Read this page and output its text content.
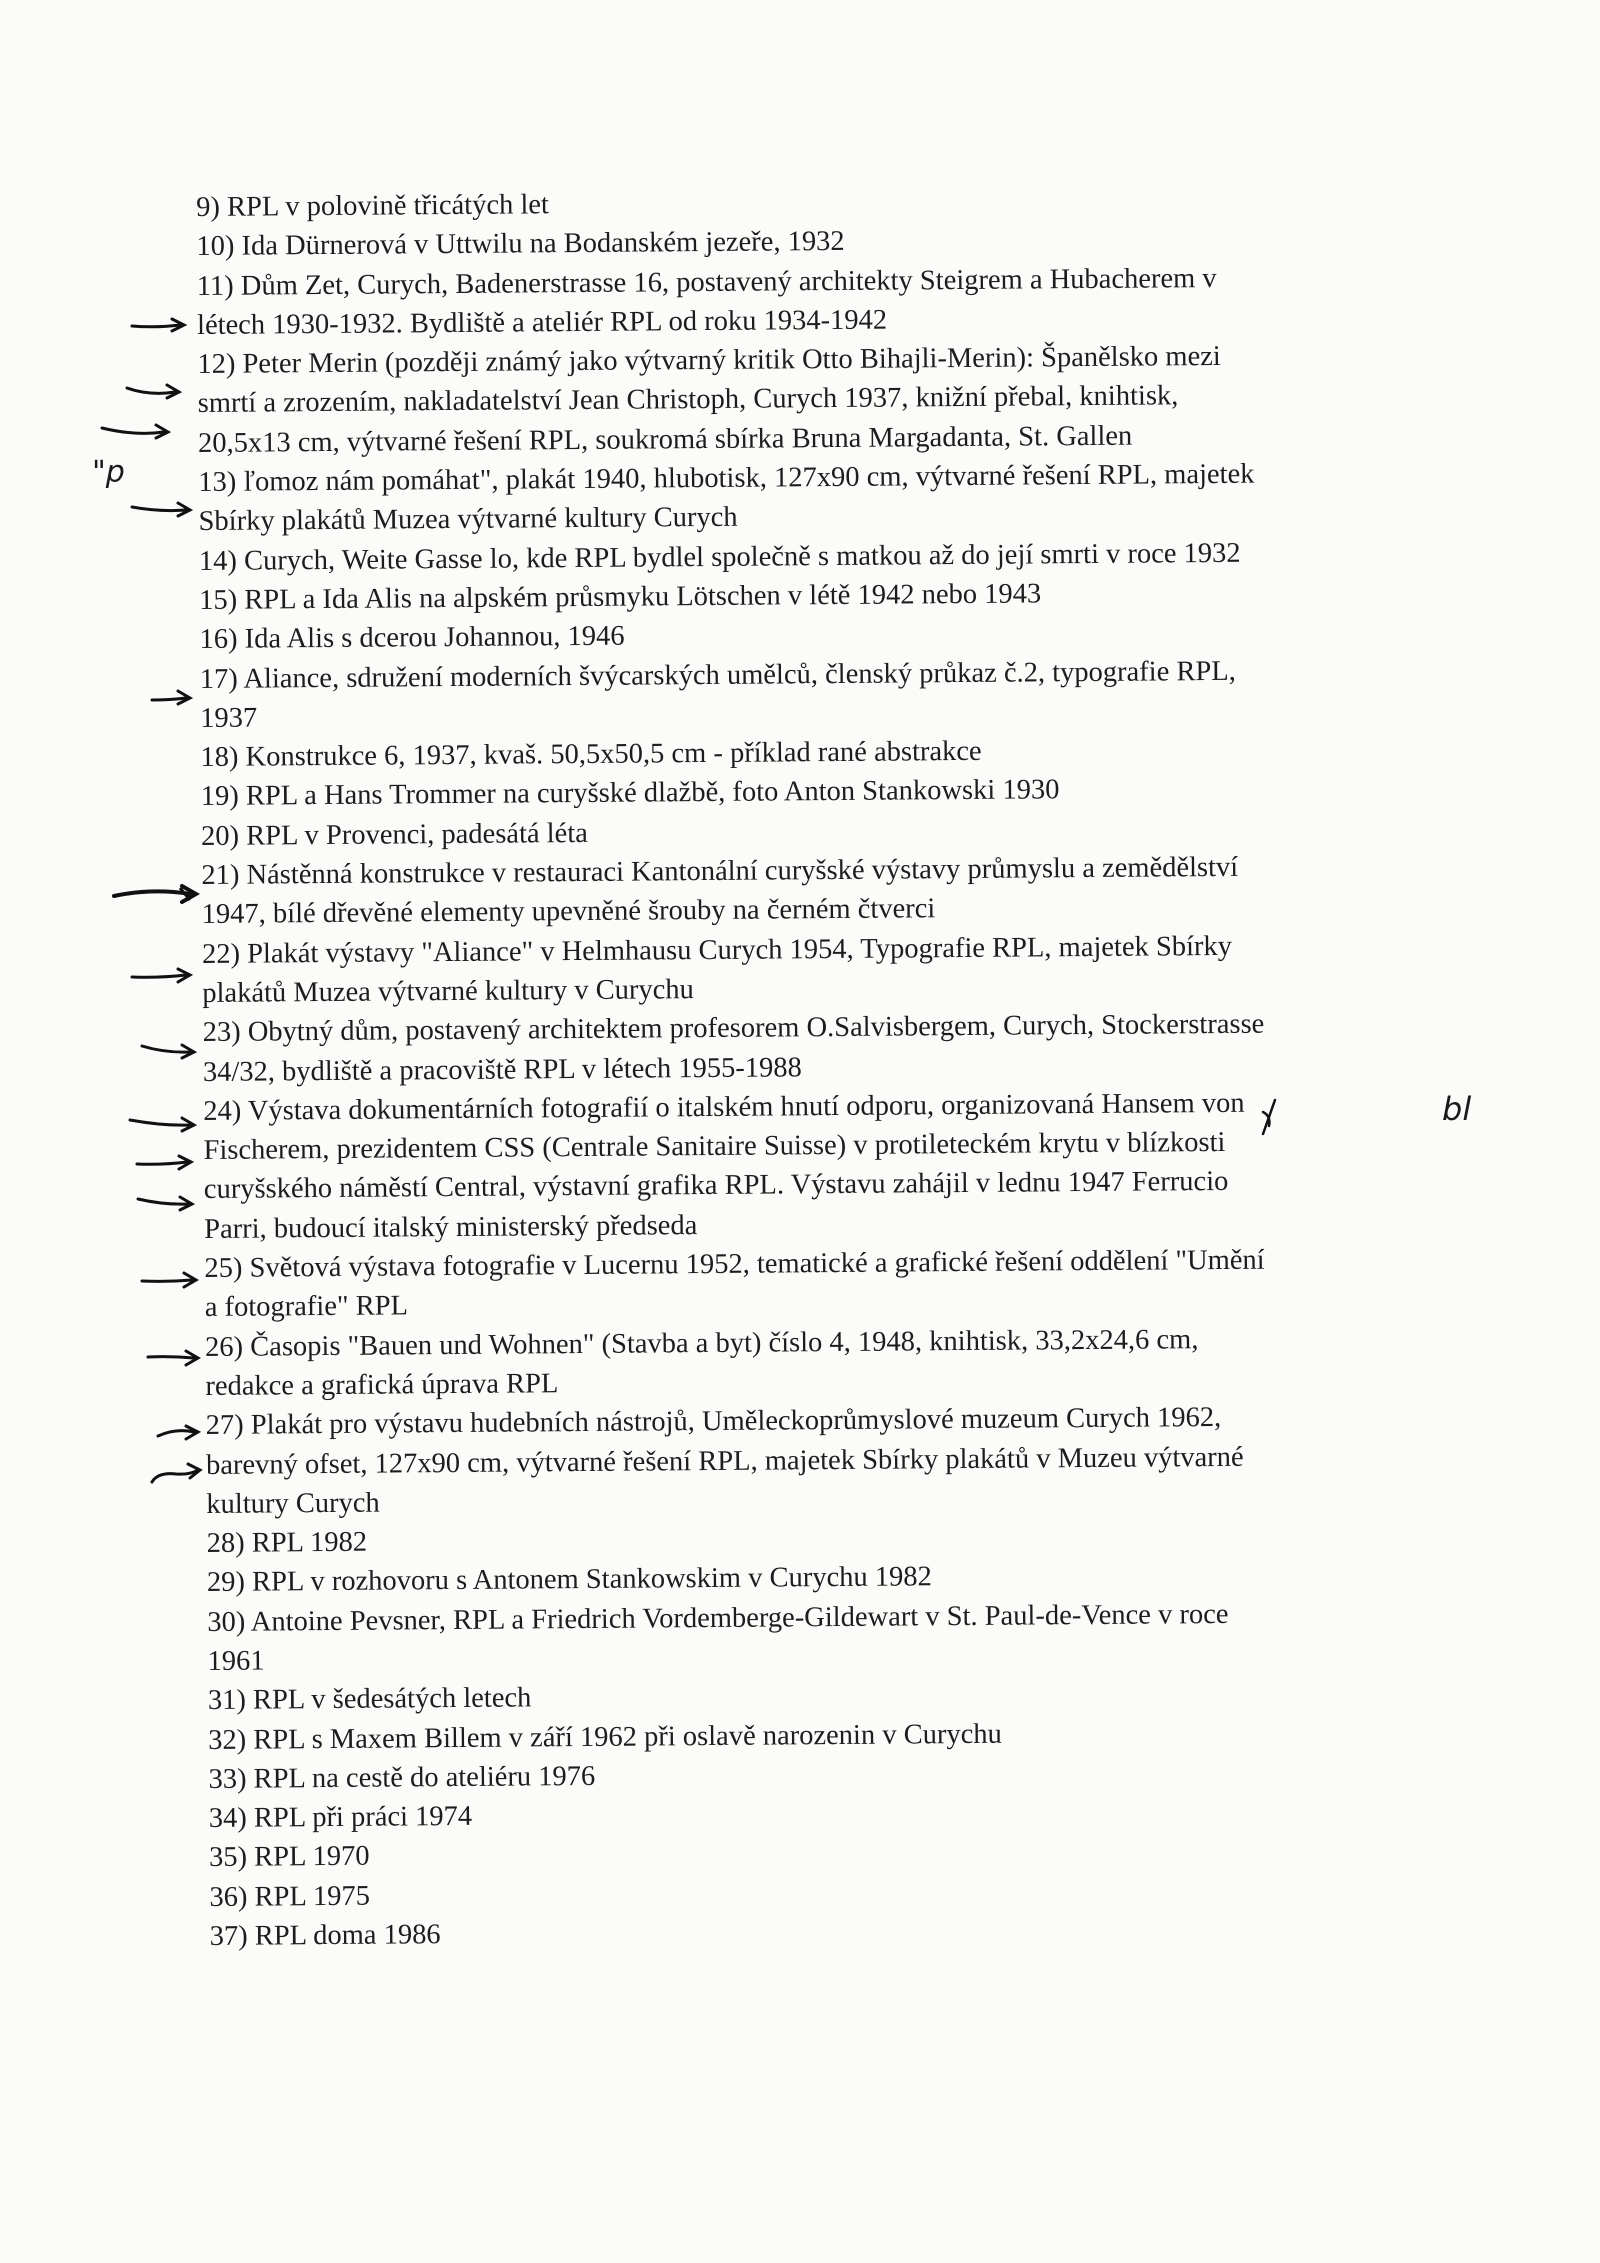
9) RPL v polovině třicátých let
10) Ida Dürnerová v Uttwilu na Bodanském jezeře, 1932
11) Dům Zet, Curych, Badenerstrasse 16, postavený architekty Steigrem a Hubacherem v
létech 1930-1932. Bydliště a ateliér RPL od roku 1934-1942
12) Peter Merin (později známý jako výtvarný kritik Otto Bihajli-Merin): Španělsko mezi
smrtí a zrozením, nakladatelství Jean Christoph, Curych 1937, knižní přebal, knihtisk,
20,5x13 cm, výtvarné řešení RPL, soukromá sbírka Bruna Margadanta, St. Gallen
13) ľomoz nám pomáhat", plakát 1940, hlubotisk, 127x90 cm, výtvarné řešení RPL, majetek
Sbírky plakátů Muzea výtvarné kultury Curych
14) Curych, Weite Gasse lo, kde RPL bydlel společně s matkou až do její smrti v roce 1932
15) RPL a Ida Alis na alpském průsmyku Lötschen v létě 1942 nebo 1943
16) Ida Alis s dcerou Johannou, 1946
17) Aliance, sdružení moderních švýcarských umělců, členský průkaz č.2, typografie RPL,
1937
18) Konstrukce 6, 1937, kvaš. 50,5x50,5 cm - příklad rané abstrakce
19) RPL a Hans Trommer na curyšské dlažbě, foto Anton Stankowski 1930
20) RPL v Provenci, padesátá léta
21) Nástěnná konstrukce v restauraci Kantonální curyšské výstavy průmyslu a zemědělství
1947, bílé dřevěné elementy upevněné šrouby na černém čtverci
22) Plakát výstavy "Aliance" v Helmhausu Curych 1954, Typografie RPL, majetek Sbírky
plakátů Muzea výtvarné kultury v Curychu
23) Obytný dům, postavený architektem profesorem O.Salvisbergem, Curych, Stockerstrasse
34/32, bydliště a pracoviště RPL v létech 1955-1988
24) Výstava dokumentárních fotografií o italském hnutí odporu, organizovaná Hansem von
Fischerem, prezidentem CSS (Centrale Sanitaire Suisse) v protileteckém krytu v blízkosti
curyšského náměstí Central, výstavní grafika RPL. Výstavu zahájil v lednu 1947 Ferrucio
Parri, budoucí italský ministerský předseda
25) Světová výstava fotografie v Lucernu 1952, tematické a grafické řešení oddělení "Umění
a fotografie" RPL
26) Časopis "Bauen und Wohnen" (Stavba a byt) číslo 4, 1948, knihtisk, 33,2x24,6 cm,
redakce a grafická úprava RPL
27) Plakát pro výstavu hudebních nástrojů, Uměleckoprůmyslové muzeum Curych 1962,
barevný ofset, 127x90 cm, výtvarné řešení RPL, majetek Sbírky plakátů v Muzeu výtvarné
kultury Curych
28) RPL 1982
29) RPL v rozhovoru s Antonem Stankowskim v Curychu 1982
30) Antoine Pevsner, RPL a Friedrich Vordemberge-Gildewart v St. Paul-de-Vence v roce
1961
31) RPL v šedesátých letech
32) RPL s Maxem Billem v září 1962 při oslavě narozenin v Curychu
33) RPL na cestě do ateliéru 1976
34) RPL při práci 1974
35) RPL 1970
36) RPL 1975
37) RPL doma 1986
"p
bl
